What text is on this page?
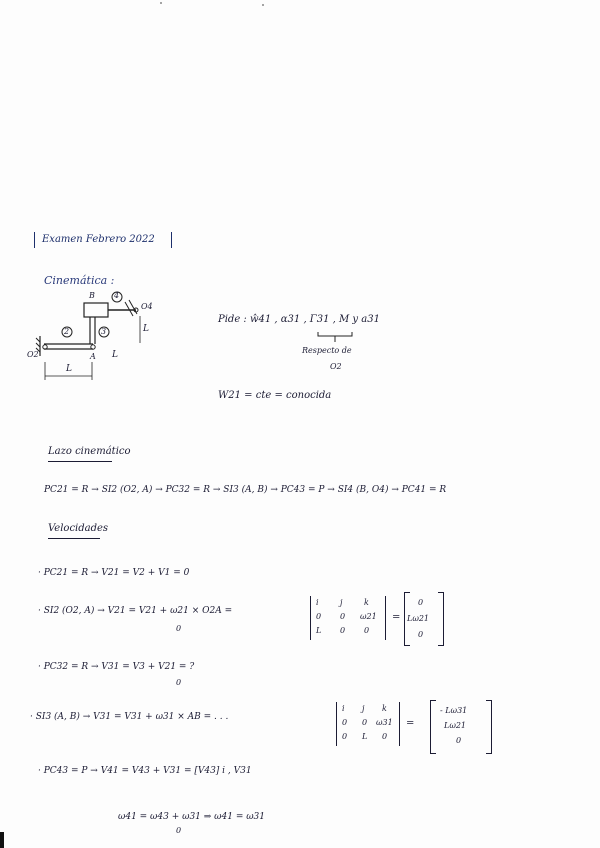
Examen Febrero 2022
Cinemática :
B 4
O4
3
2
O2	A L
L
L
Pide : ŵ41 , α31 , Γ31 , M y a31
Respecto de
O2
W21 = cte = conocida
Lazo cinemático
PC21 = R → SI2 (O2, A) → PC32 = R → SI3 (A, B) → PC43 = P → SI4 (B, O4) → PC41 = R
Velocidades
· PC21 = R → V21 = V2 + V1 = 0
· SI2 (O2, A) → V21 = V21 + ω21 × O2A =
0
i	j	k
0 0 ω21
L 0 0
=
0
Lω21
0
· PC32 = R → V31 = V3 + V21 = ?
0
· SI3 (A, B) → V31 = V31 + ω31 × AB = . . .
i j k
0 0 ω31
0 L 0
=
- Lω31
Lω21
0
· PC43 = P → V41 = V43 + V31 = [V43] i , V31
ω41 = ω43 + ω31 ⇒ ω41 = ω31
0
